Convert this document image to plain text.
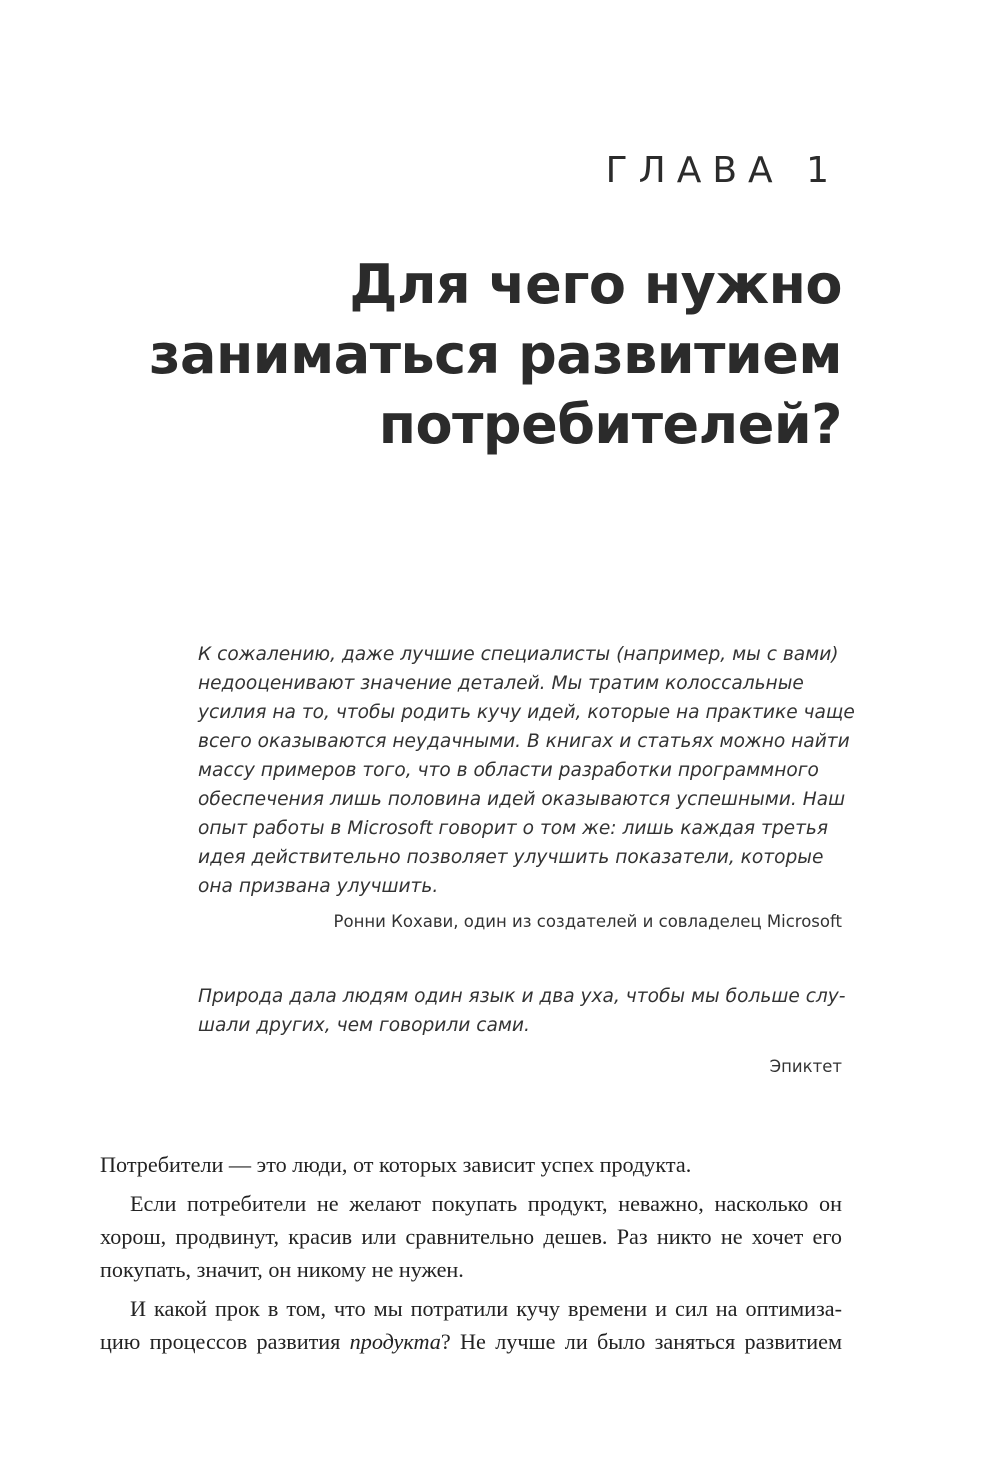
ГЛАВА 1
Для чего нужно
заниматься развитием
потребителей?

К сожалению, даже лучшие специалисты (например, мы с вами)
недооценивают значение деталей. Мы тратим колоссальные
усилия на то, чтобы родить кучу идей, которые на практике чаще
всего оказываются неудачными. В книгах и статьях можно найти
массу примеров того, что в области разработки программного
обеспечения лишь половина идей оказываются успешными. Наш
опыт работы в Microsoft говорит о том же: лишь каждая третья
идея действительно позволяет улучшить показатели, которые
она призвана улучшить.

Ронни Кохави, один из создателей и совладелец Microsoft

Природа дала людям один язык и два уха, чтобы мы больше слу-
шали других, чем говорили сами.

Эпиктет

Потребители — это люди, от которых зависит успех продукта.

Если потребители не желают покупать продукт, неважно, насколько он
хорош, продвинут, красив или сравнительно дешев. Раз никто не хочет его
покупать, значит, он никому не нужен.

И какой прок в том, что мы потратили кучу времени и сил на оптимиза-
цию процессов развития продукта? Не лучше ли было заняться развитием
